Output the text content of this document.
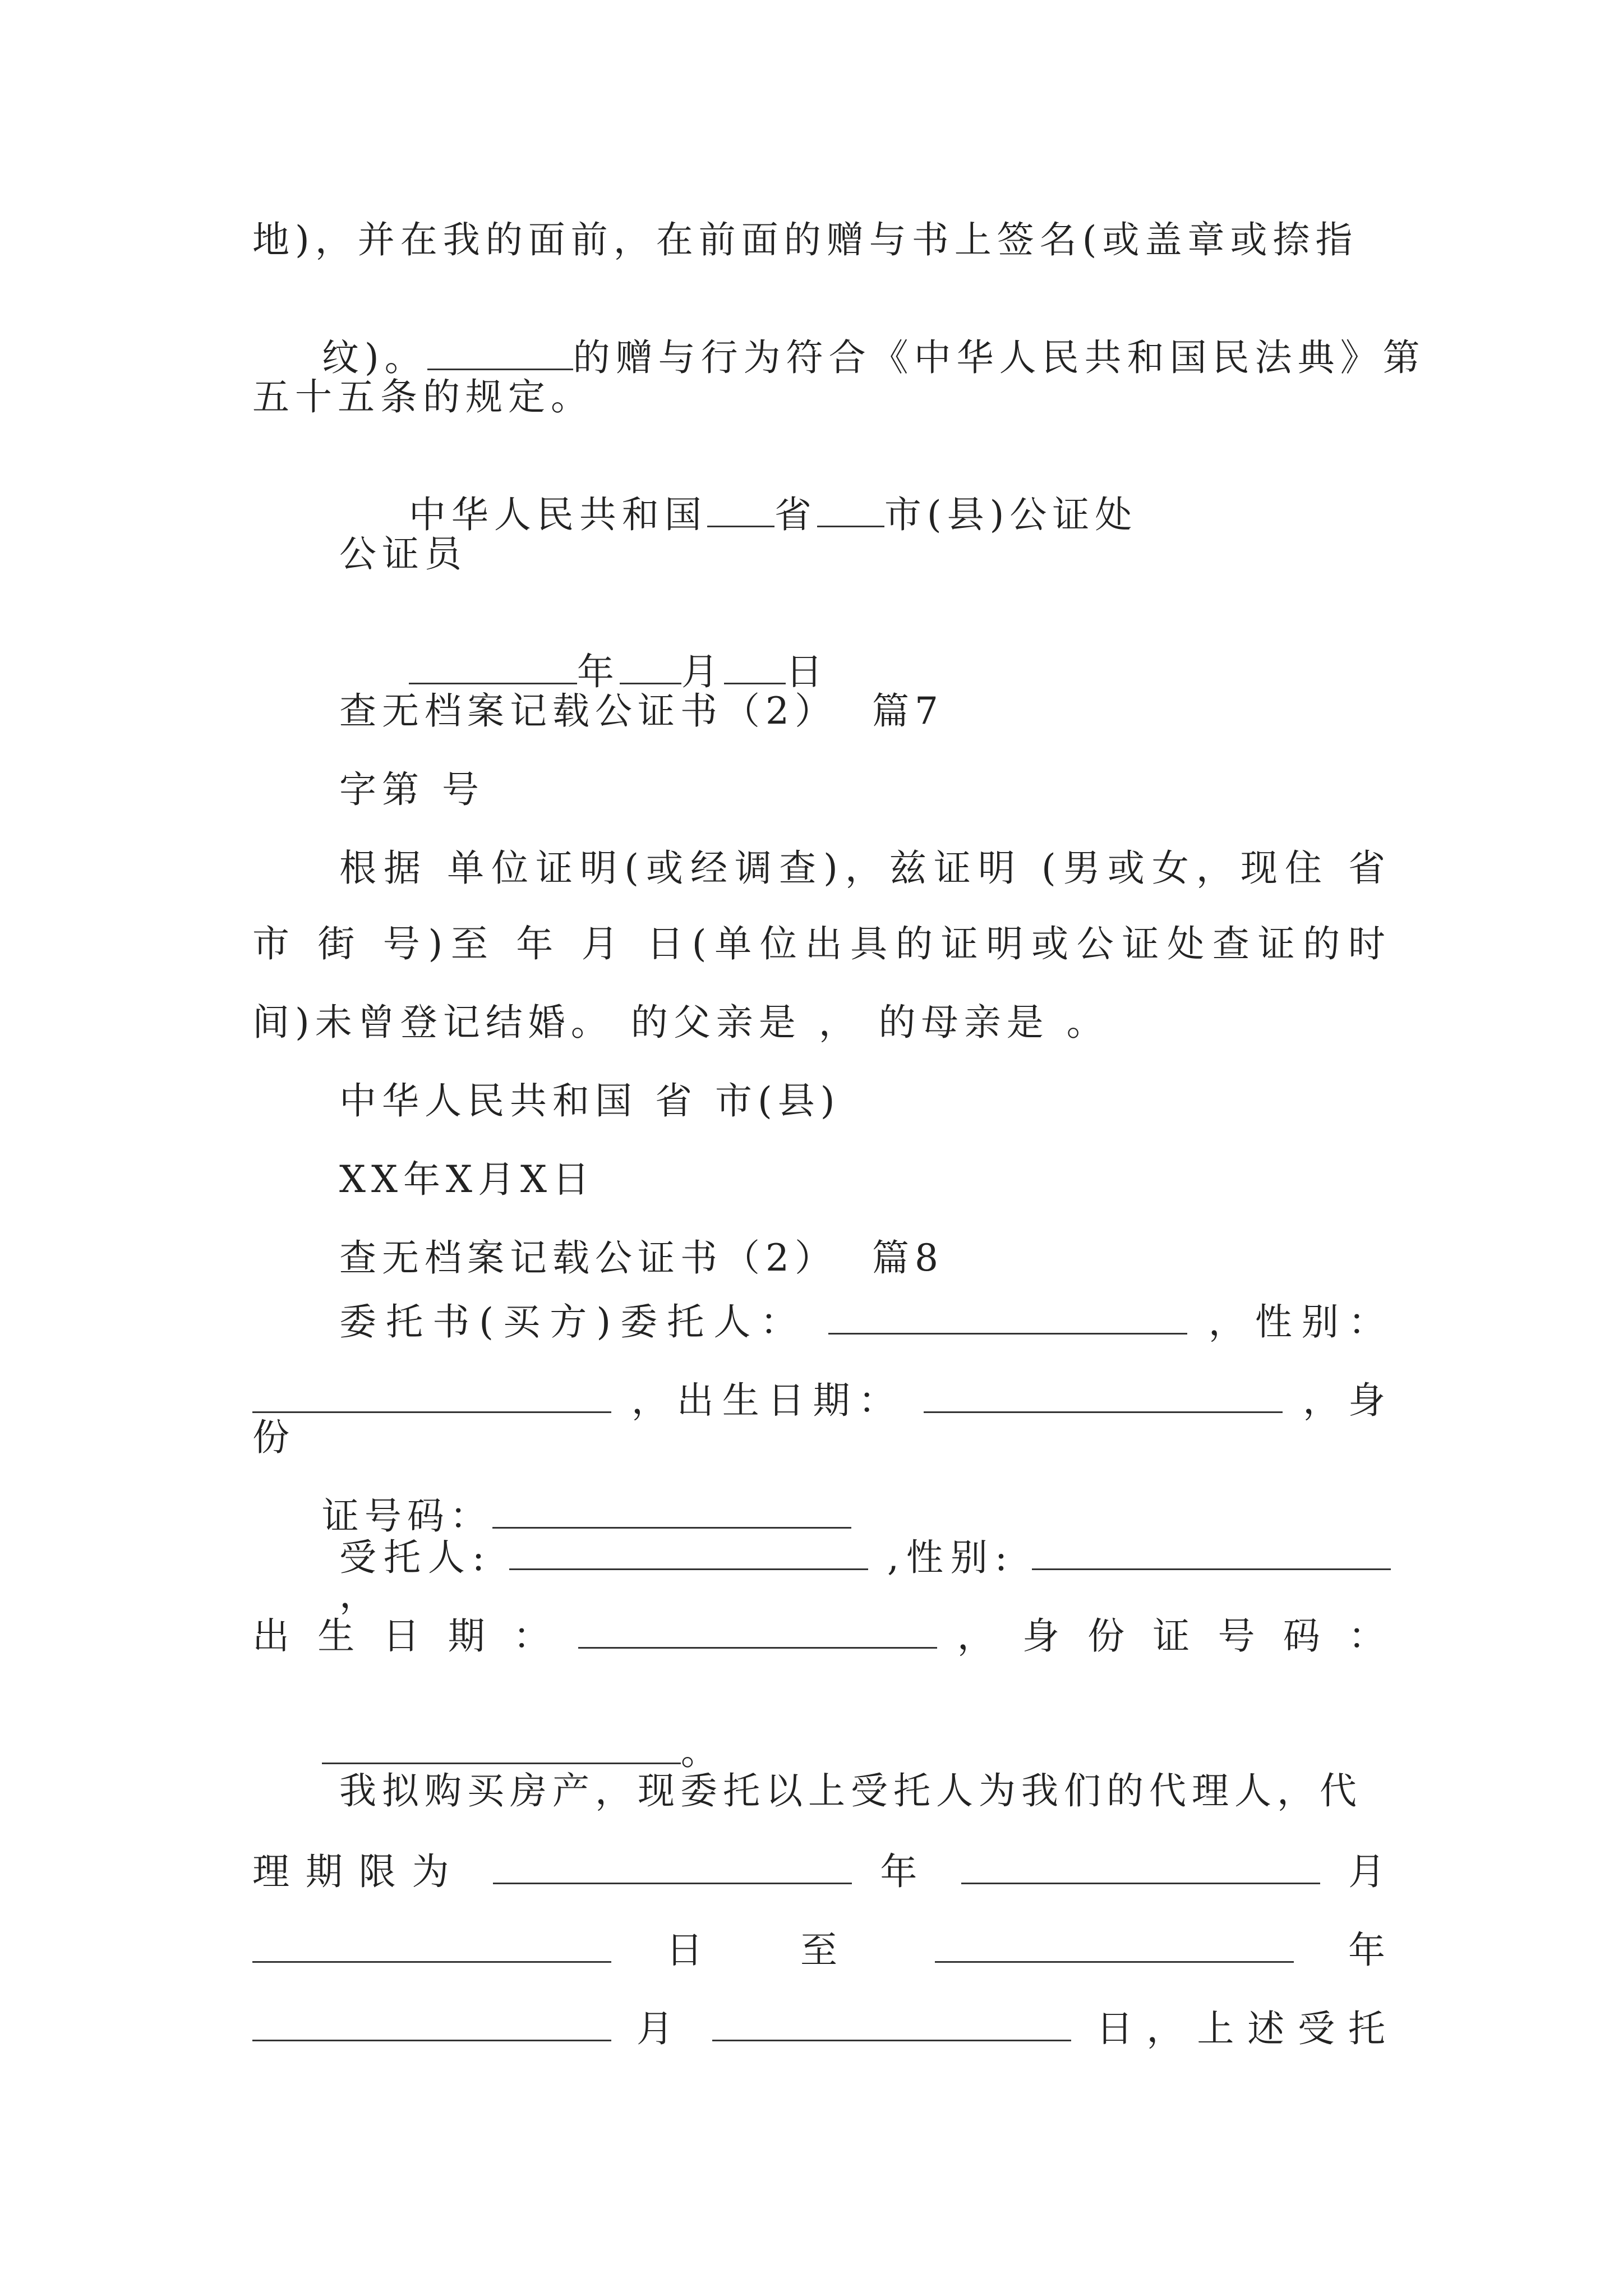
地)，并在我的面前，在前面的赠与书上签名(或盖章或捺指

纹)。	的赠与行为符合《中华人民共和国民法典》第

五十五条的规定。

中华人民共和国 省 市(县)公证处

公证员

年 月 日

查无档案记载公证书（2）  篇7
字第 号
根据 单位证明(或经调查)，兹证明 (男或女，现住 省
市 街 号)至 年 月 日(单位出具的证明或公证处查证的时
间)未曾登记结婚。 的父亲是 ， 的母亲是 。
中华人民共和国 省 市(县)
XX年X月X日
查无档案记载公证书（2）  篇8
委托书(买方)委托人：	，性别：
，出生日期：	，身份

证号码：

受托人:	,性别:  ，
出 生 日 期 ：	， 身 份 证 号 码 ：

。

我拟购买房产，现委托以上受托人为我们的代理人，代
理期限为	年	月
日 至	年
月	日，上述受托
